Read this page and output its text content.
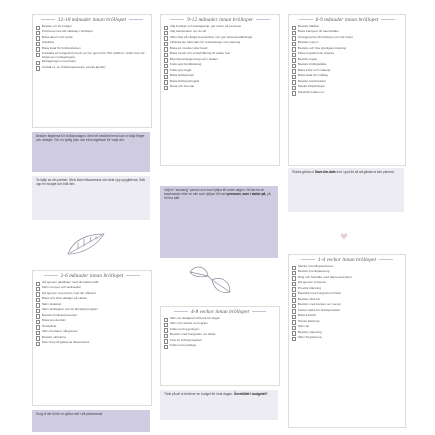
12-18 månader innan bröllopet
Bestäm ort för budget
Prioritera med ditt sällskap i bröllopet
Boka datum och kyrka
Gästlista
Boka lokal för bröllopsfesten
Kontakta ett fotografi (fyra på, av her gest inför 750–1000 kr; varför före vid början av mottagningen)
Mottagningen med fester
Anställ ev. en bröllopsplanerare (vecka jämför)
9-12 månader innan bröllopet
Välj brudpar och ledsagande, gör namn på personer
Välj toastmaster om du vill
Skriv lista på viktiga leverantörer och gör sammanställningar
Inhämta fler alternativ för restauranger och catering
Boka ett musiker eller band
Boka musik och underhållning till vidare fest
Blomsterarrangemang och i lokaler
Kolla upp brudklänning
Kolla upp ringar
Boka bröllopsnatt
Boka bröllopsfotograf
Resa och boende
6-9 månader innan bröllopet
Bestäm klädsel
Boka transport till vikeinstället
Arrangera lite på bröllopet och kör fester
Bestäm menyn
Bestäm och fixa ytterligare bokning
Planera gästernas vistelse
Bestäm ringar
Bestäm bröllopstårta
Boka frisör och makeup
Boka lokal för middag
Bestäm konfirmation
Skicka inbjudningar
Sändinformation ut
Bestäm färgtema för bröllopsdagen. Med ett bestämt tema kan ni välja färger och detaljer. Gör en tydlig plan och ett budgetfack för varje del.
Ta hjälp av din partner. Skriv listor tillsammans och dela upp uppgifterna. Sätt upp en budget och håll den.
Välj en "ansvarig" person som kan hjälpa till under dagen. Ni kan ha en toastmaster eller en vän som hjälper till med personer, som i stolor på, på ett bra sätt.
Skicka gärna ut Save-the-date kort i god tid så att gästerna kan planera.
2-6 månader innan bröllopet
Gå igenom gästlistan med din bättre hälft
Skriv menyer och tacksedlar
Gå igenom ceremonin med din officiant
Boka och skriv detaljer på värdar
Skriv platskort
Skriv tacklappar och ett lämpligt program
Bestäm bröllopspresenter
Boka provisoriskt
Önskelista
Skriv brudspel, sångtexter
Bestäm skrivarna
Skriv ihop till gästerna tillsammans
4-8 veckor innan bröllopet
Skriv ett detaljerat schema för dagen
Skriv och skicka ut program
Kolla med regeringen
Bestäm med fotografen om bilder
Fixa ett bröllopsregister
Kolla med uppdrag
1-4 veckor innan bröllopet
Skicka ut bröllopsschema
Bestäm bordsplacering
Ring och bekräfta med alla leverantörer
Gå igenom schemat
Provkör klänning
Bekräfta med fotograf och frisör
Bestäm vilka tal
Bestäm med kocken om menyn
Packa väska för bröllopsnatten
Boka frisörtid
Hämta klänning
Skriv tal
Bestäm placering
Skriv till gästerna
Tänk på att ni behöver en budget för hela dagen. Överhållet i budgetet?
Sorg ut lite tid för er själva mitt i allt planerande.
